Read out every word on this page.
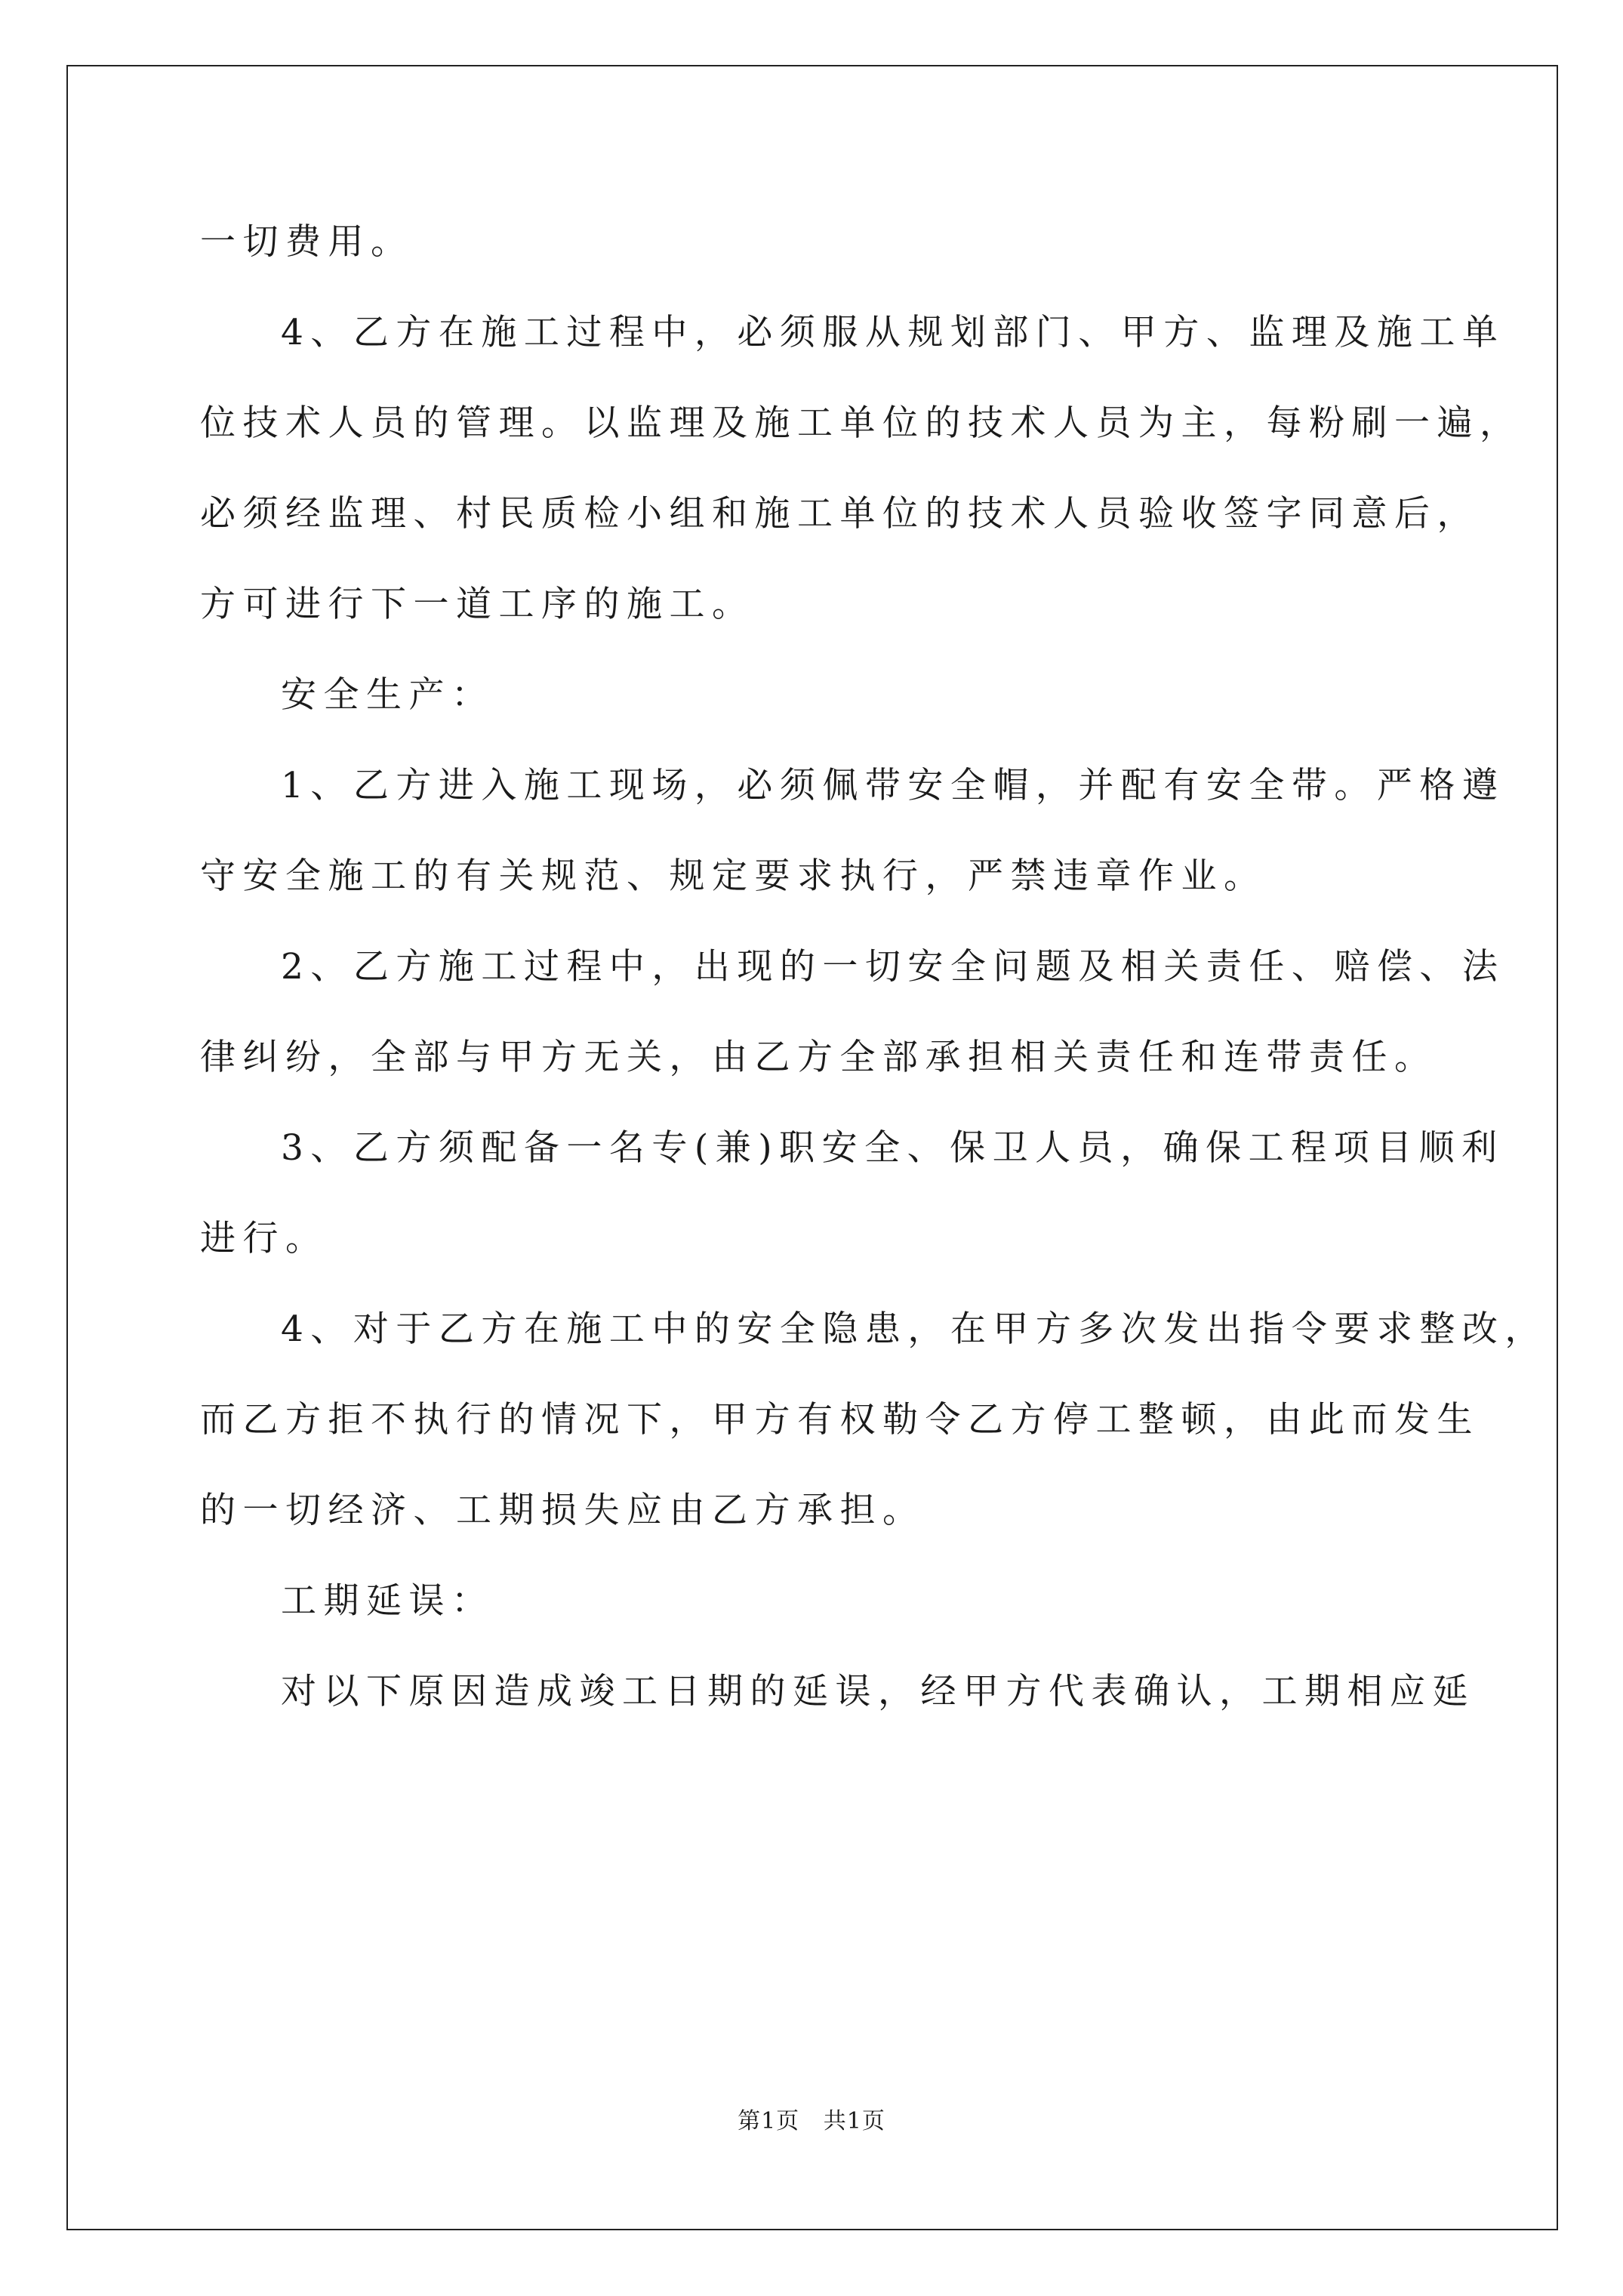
一切费用。
4、乙方在施工过程中，必须服从规划部门、甲方、监理及施工单
位技术人员的管理。以监理及施工单位的技术人员为主，每粉刷一遍，
必须经监理、村民质检小组和施工单位的技术人员验收签字同意后，
方可进行下一道工序的施工。
安全生产：
1、乙方进入施工现场，必须佩带安全帽，并配有安全带。严格遵
守安全施工的有关规范、规定要求执行，严禁违章作业。
2、乙方施工过程中，出现的一切安全问题及相关责任、赔偿、法
律纠纷，全部与甲方无关，由乙方全部承担相关责任和连带责任。
3、乙方须配备一名专(兼)职安全、保卫人员，确保工程项目顺利
进行。
4、对于乙方在施工中的安全隐患，在甲方多次发出指令要求整改，
而乙方拒不执行的情况下，甲方有权勒令乙方停工整顿，由此而发生
的一切经济、工期损失应由乙方承担。
工期延误：
对以下原因造成竣工日期的延误，经甲方代表确认，工期相应延
第1页   共1页
